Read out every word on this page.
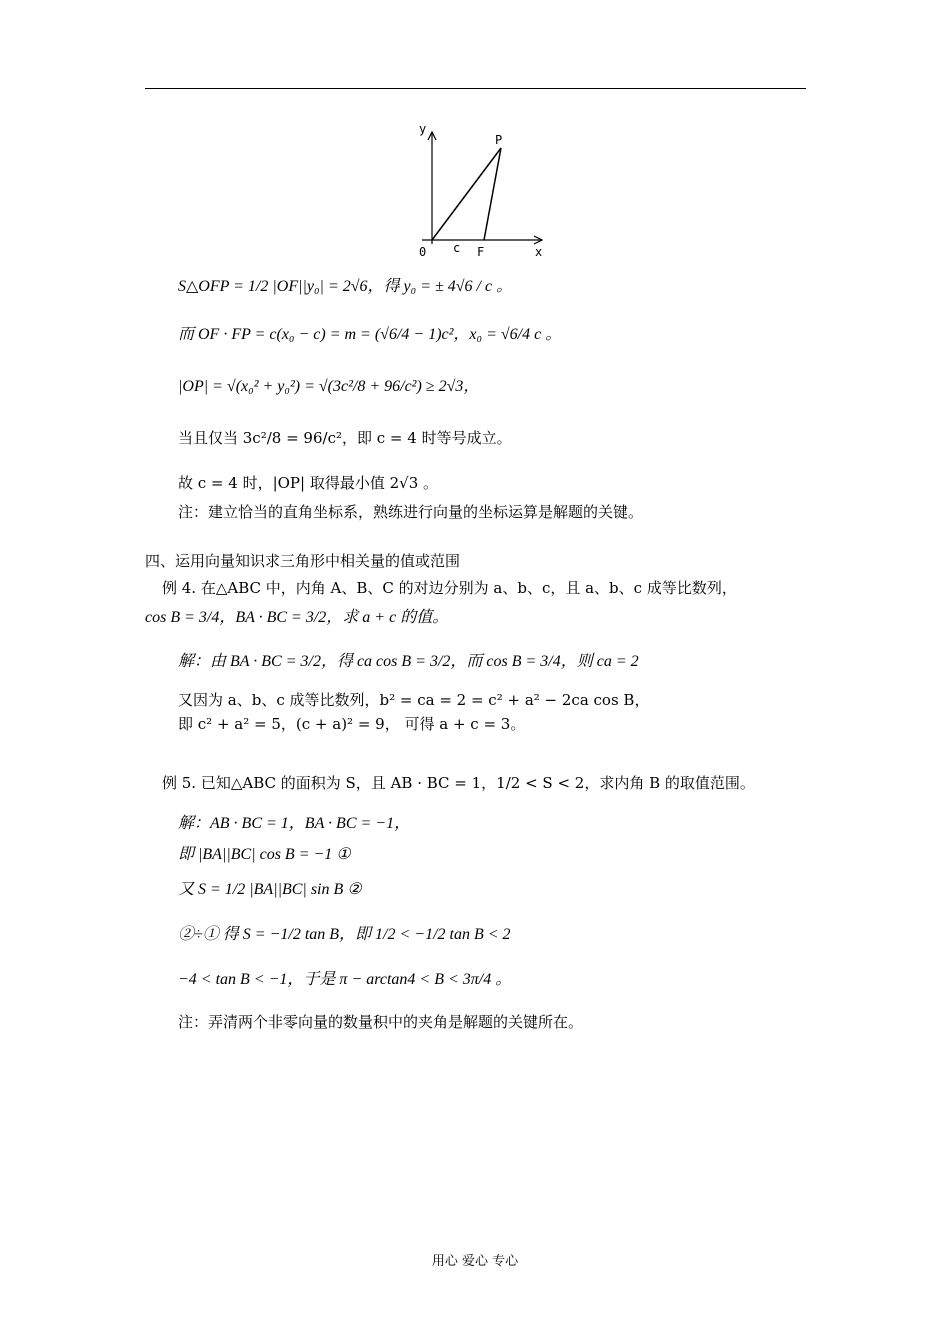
y
P
0 c F	x
S△OFP = 1/2 |OF||y₀| = 2√6，得 y₀ = ± 4√6 / c 。
而 OF · FP = c(x₀ − c) = m = (√6/4 − 1)c²，x₀ = √6/4 c 。
|OP| = √(x₀² + y₀²) = √(3c²/8 + 96/c²) ≥ 2√3，
当且仅当 3c²/8 = 96/c²，即 c = 4 时等号成立。
故 c = 4 时，|OP| 取得最小值 2√3 。
注：建立恰当的直角坐标系，熟练进行向量的坐标运算是解题的关键。
四、运用向量知识求三角形中相关量的值或范围
例 4. 在△ABC 中，内角 A、B、C 的对边分别为 a、b、c，且 a、b、c 成等比数列，
cos B = 3/4，BA · BC = 3/2，求 a + c 的值。
解：由 BA · BC = 3/2，得 ca cos B = 3/2，而 cos B = 3/4，则 ca = 2
又因为 a、b、c 成等比数列，b² = ca = 2 = c² + a² − 2ca cos B，
即 c² + a² = 5，(c + a)² = 9， 可得 a + c = 3。
例 5. 已知△ABC 的面积为 S，且 AB · BC = 1，1/2 < S < 2，求内角 B 的取值范围。
解：AB · BC = 1，BA · BC = −1，
即 |BA||BC| cos B = −1 ①
又 S = 1/2 |BA||BC| sin B ②
②÷① 得 S = −1/2 tan B，即 1/2 < −1/2 tan B < 2
−4 < tan B < −1，于是 π − arctan4 < B < 3π/4 。
注：弄清两个非零向量的数量积中的夹角是解题的关键所在。
用心 爱心 专心
